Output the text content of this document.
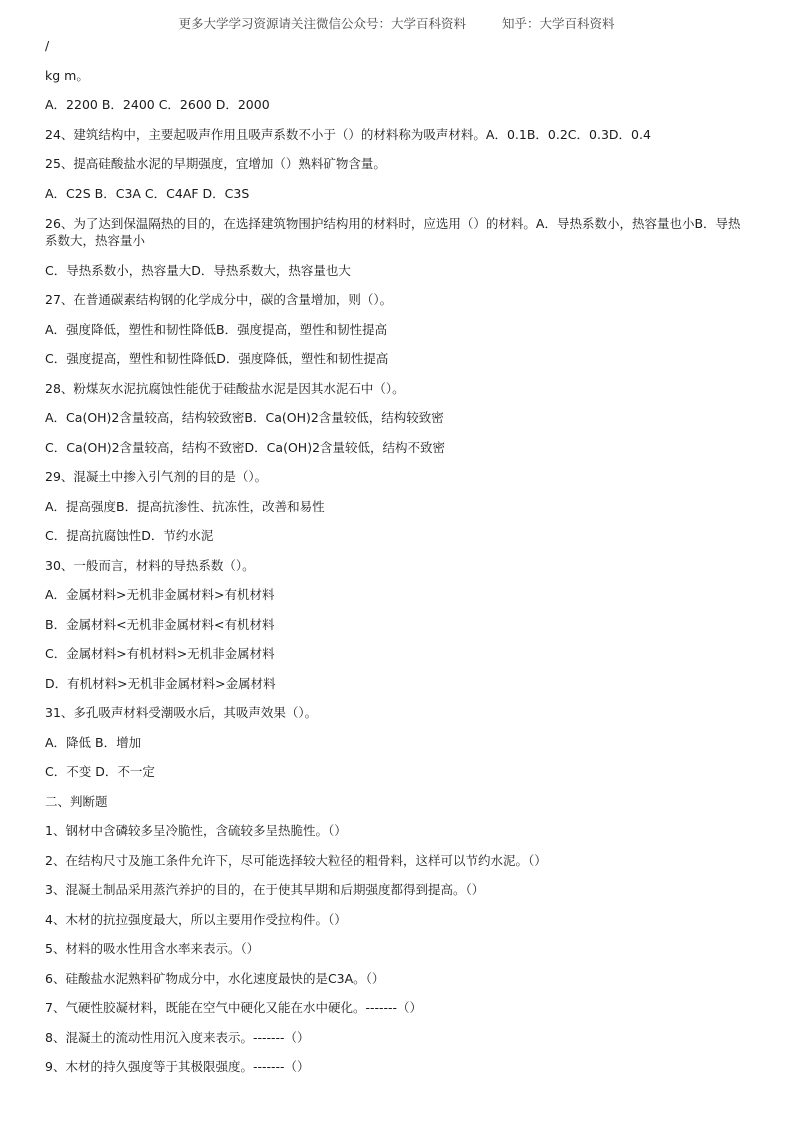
更多大学学习资源请关注微信公众号：大学百科资料	知乎：大学百科资料
/
kg m。
A．2200 B．2400 C．2600 D．2000
24、建筑结构中，主要起吸声作用且吸声系数不小于（）的材料称为吸声材料。A．0.1B．0.2C．0.3D．0.4
25、提高硅酸盐水泥的早期强度，宜增加（）熟料矿物含量。
A．C2S B．C3A C．C4AF D．C3S
26、为了达到保温隔热的目的，在选择建筑物围护结构用的材料时，应选用（）的材料。A．导热系数小，热容量也小B．导热系数大，热容量小
C．导热系数小，热容量大D．导热系数大，热容量也大
27、在普通碳素结构钢的化学成分中，碳的含量增加，则（）。
A．强度降低，塑性和韧性降低B．强度提高，塑性和韧性提高
C．强度提高，塑性和韧性降低D．强度降低，塑性和韧性提高
28、粉煤灰水泥抗腐蚀性能优于硅酸盐水泥是因其水泥石中（）。
A．Ca(OH)2含量较高，结构较致密B．Ca(OH)2含量较低，结构较致密
C．Ca(OH)2含量较高，结构不致密D．Ca(OH)2含量较低，结构不致密
29、混凝土中掺入引气剂的目的是（）。
A．提高强度B．提高抗渗性、抗冻性，改善和易性
C．提高抗腐蚀性D．节约水泥
30、一般而言，材料的导热系数（）。
A．金属材料>无机非金属材料>有机材料
B．金属材料<无机非金属材料<有机材料
C．金属材料>有机材料>无机非金属材料
D．有机材料>无机非金属材料>金属材料
31、多孔吸声材料受潮吸水后，其吸声效果（）。
A．降低 B．增加
C．不变 D．不一定
二、判断题
1、钢材中含磷较多呈冷脆性，含硫较多呈热脆性。（）
2、在结构尺寸及施工条件允许下，尽可能选择较大粒径的粗骨料，这样可以节约水泥。（）
3、混凝土制品采用蒸汽养护的目的，在于使其早期和后期强度都得到提高。（）
4、木材的抗拉强度最大，所以主要用作受拉构件。（）
5、材料的吸水性用含水率来表示。（）
6、硅酸盐水泥熟料矿物成分中，水化速度最快的是C3A。（）
7、气硬性胶凝材料，既能在空气中硬化又能在水中硬化。-------（）
8、混凝土的流动性用沉入度来表示。-------（）
9、木材的持久强度等于其极限强度。-------（）
